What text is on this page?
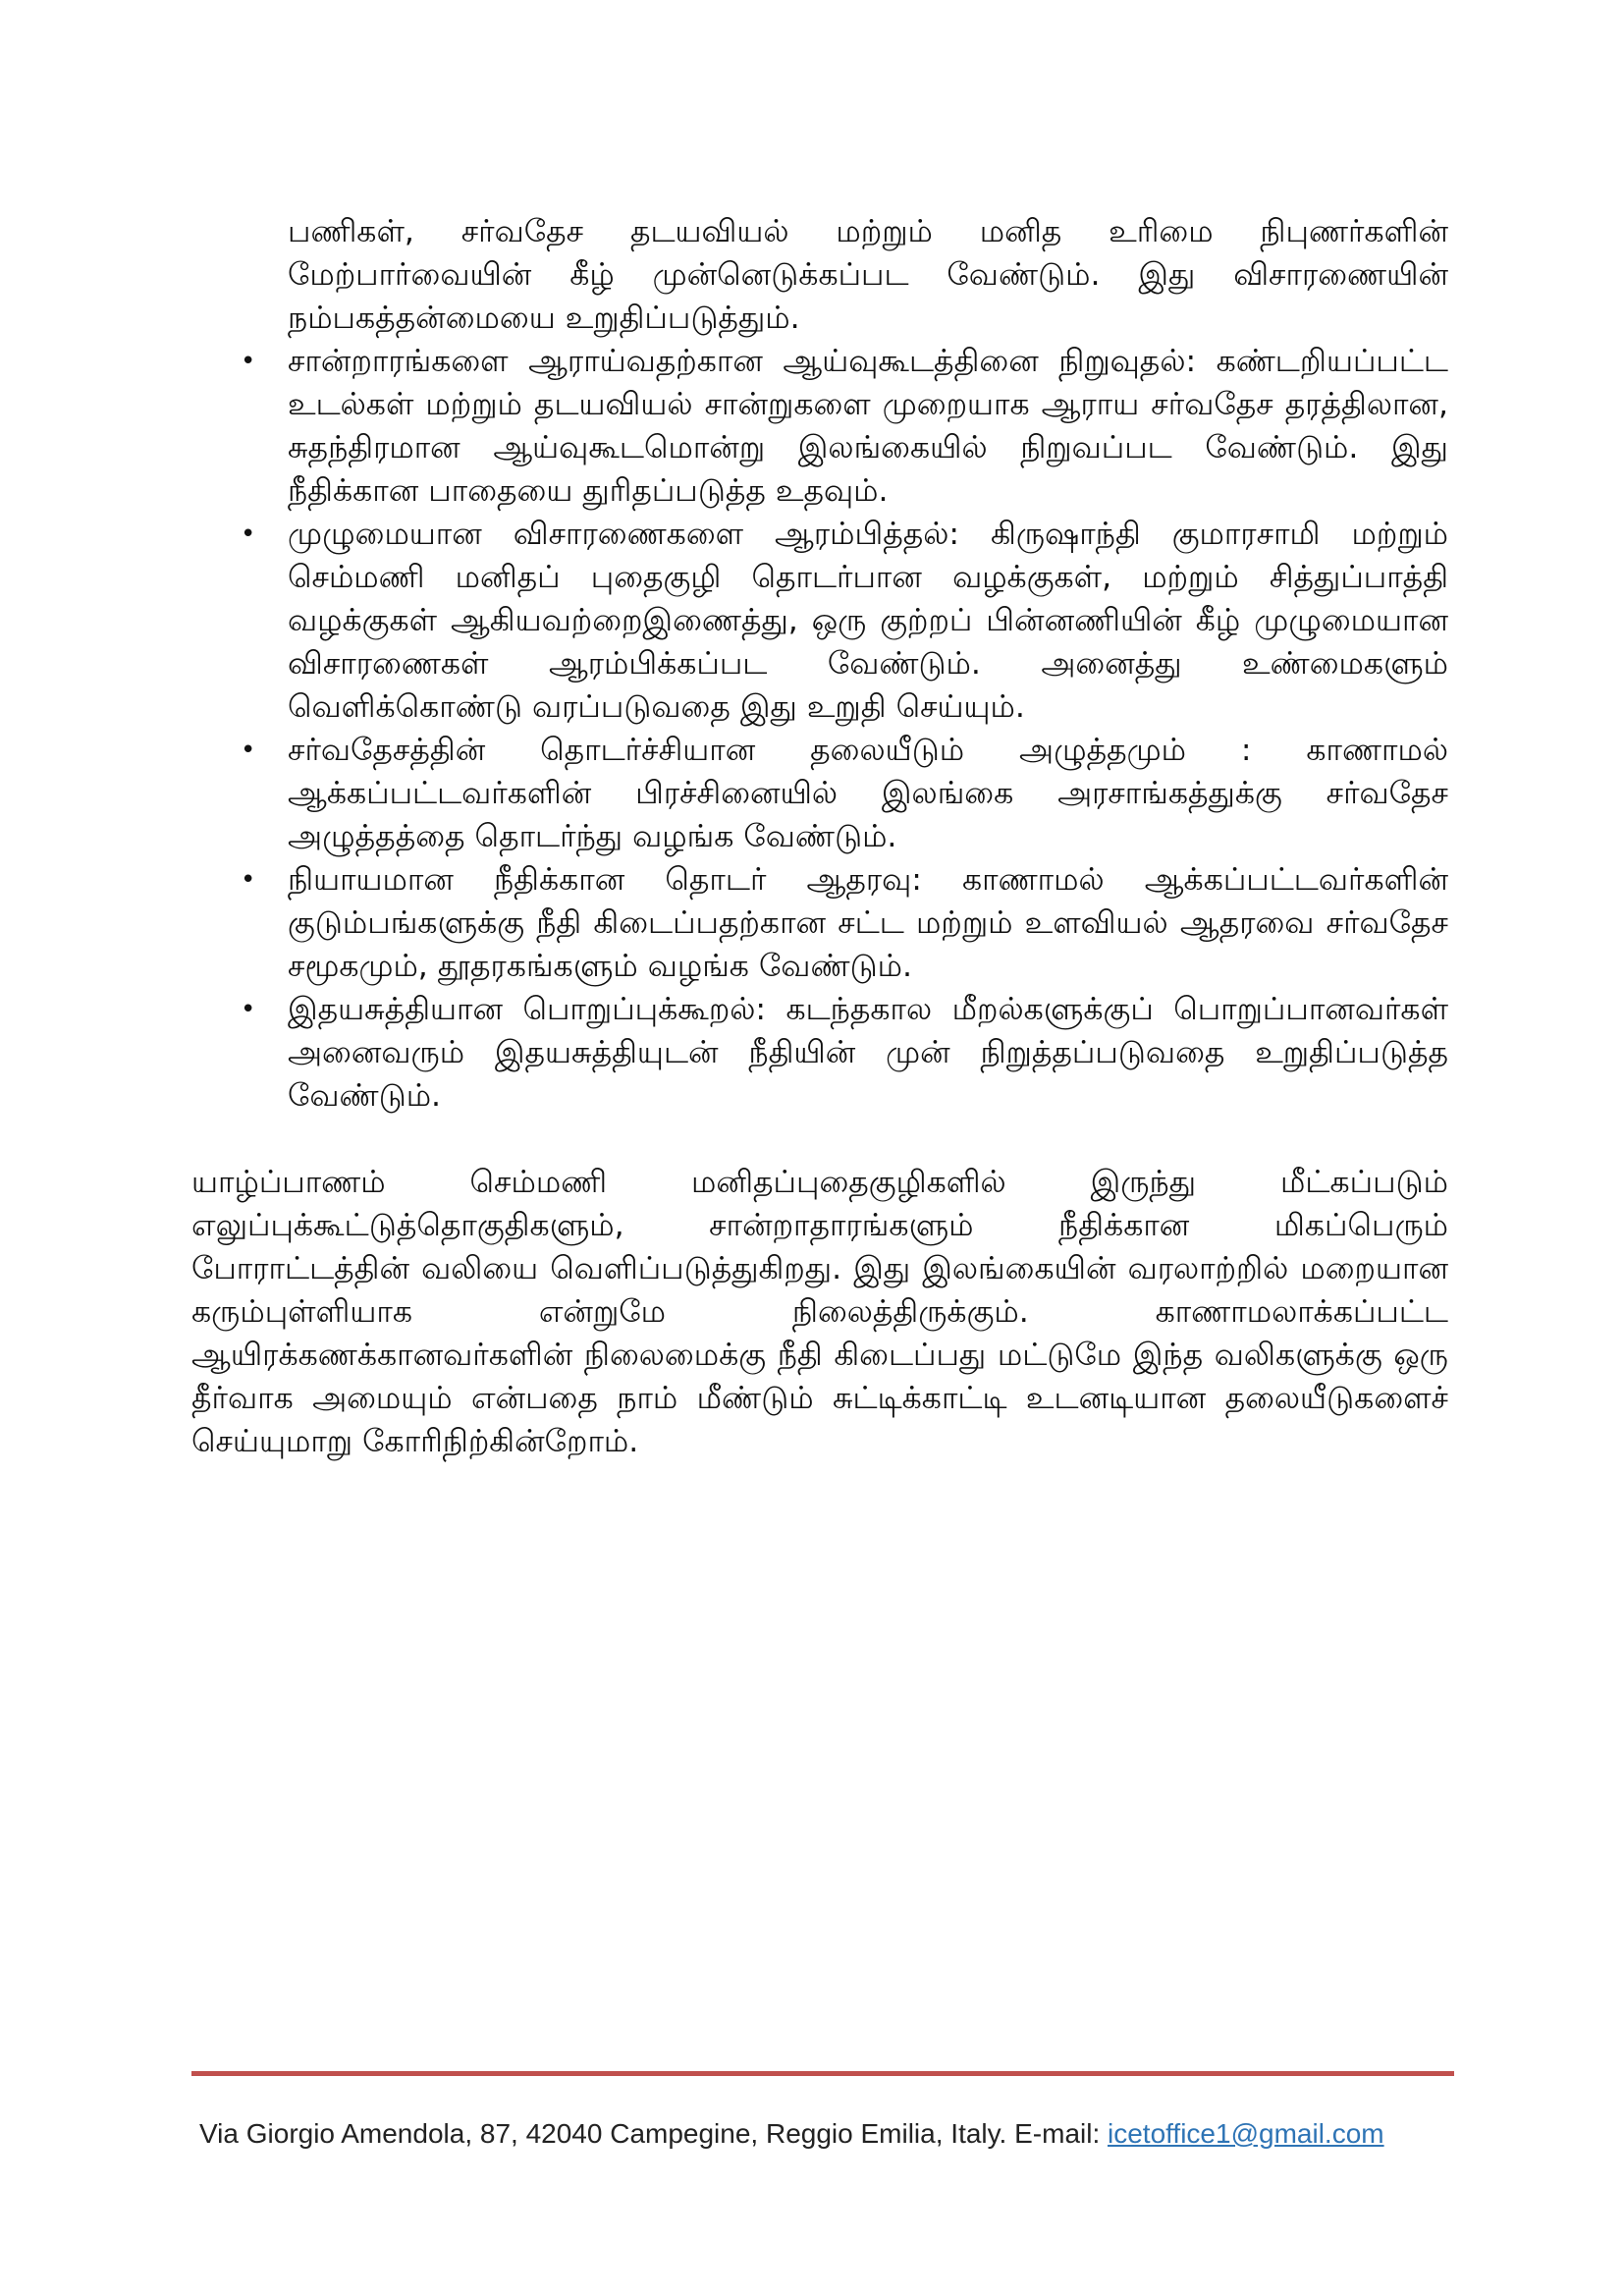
பணிகள், சர்வதேச தடயவியல் மற்றும் மனித உரிமை நிபுணர்களின் மேற்பார்வையின் கீழ் முன்னெடுக்கப்பட வேண்டும். இது விசாரணையின் நம்பகத்தன்மையை உறுதிப்படுத்தும்.

• சான்றாரங்களை ஆராய்வதற்கான ஆய்வுகூடத்தினை நிறுவுதல்: கண்டறியப்பட்ட உடல்கள் மற்றும் தடயவியல் சான்றுகளை முறையாக ஆராய சர்வதேச தரத்திலான, சுதந்திரமான ஆய்வுகூடமொன்று இலங்கையில் நிறுவப்பட வேண்டும். இது நீதிக்கான பாதையை துரிதப்படுத்த உதவும்.
• முழுமையான விசாரணைகளை ஆரம்பித்தல்: கிருஷாந்தி குமாரசாமி மற்றும் செம்மணி மனிதப் புதைகுழி தொடர்பான வழக்குகள், மற்றும் சித்துப்பாத்தி வழக்குகள் ஆகியவற்றைஇணைத்து, ஒரு குற்றப் பின்னணியின் கீழ் முழுமையான விசாரணைகள் ஆரம்பிக்கப்பட வேண்டும். அனைத்து உண்மைகளும் வெளிக்கொண்டு வரப்படுவதை இது உறுதி செய்யும்.
• சர்வதேசத்தின் தொடர்ச்சியான தலையீடும் அழுத்தமும் : காணாமல் ஆக்கப்பட்டவர்களின் பிரச்சினையில் இலங்கை அரசாங்கத்துக்கு சர்வதேச அழுத்தத்தை தொடர்ந்து வழங்க வேண்டும்.
• நியாயமான நீதிக்கான தொடர் ஆதரவு: காணாமல் ஆக்கப்பட்டவர்களின் குடும்பங்களுக்கு நீதி கிடைப்பதற்கான சட்ட மற்றும் உளவியல் ஆதரவை சர்வதேச சமூகமும், தூதரகங்களும் வழங்க வேண்டும்.
• இதயசுத்தியான பொறுப்புக்கூறல்: கடந்தகால மீறல்களுக்குப் பொறுப்பானவர்கள் அனைவரும் இதயசுத்தியுடன் நீதியின் முன் நிறுத்தப்படுவதை உறுதிப்படுத்த வேண்டும்.

யாழ்ப்பாணம் செம்மணி மனிதப்புதைகுழிகளில் இருந்து மீட்கப்படும் எலுப்புக்கூட்டுத்தொகுதிகளும், சான்றாதாரங்களும் நீதிக்கான மிகப்பெரும் போராட்டத்தின் வலியை வெளிப்படுத்துகிறது. இது இலங்கையின் வரலாற்றில் மறையான கரும்புள்ளியாக என்றுமே நிலைத்திருக்கும். காணாமலாக்கப்பட்ட ஆயிரக்கணக்கானவர்களின் நிலைமைக்கு நீதி கிடைப்பது மட்டுமே இந்த வலிகளுக்கு ஒரு தீர்வாக அமையும் என்பதை நாம் மீண்டும் சுட்டிக்காட்டி உடனடியான தலையீடுகளைச் செய்யுமாறு கோரிநிற்கின்றோம்.

Via Giorgio Amendola, 87, 42040 Campegine, Reggio Emilia, Italy. E-mail: icetoffice1@gmail.com
